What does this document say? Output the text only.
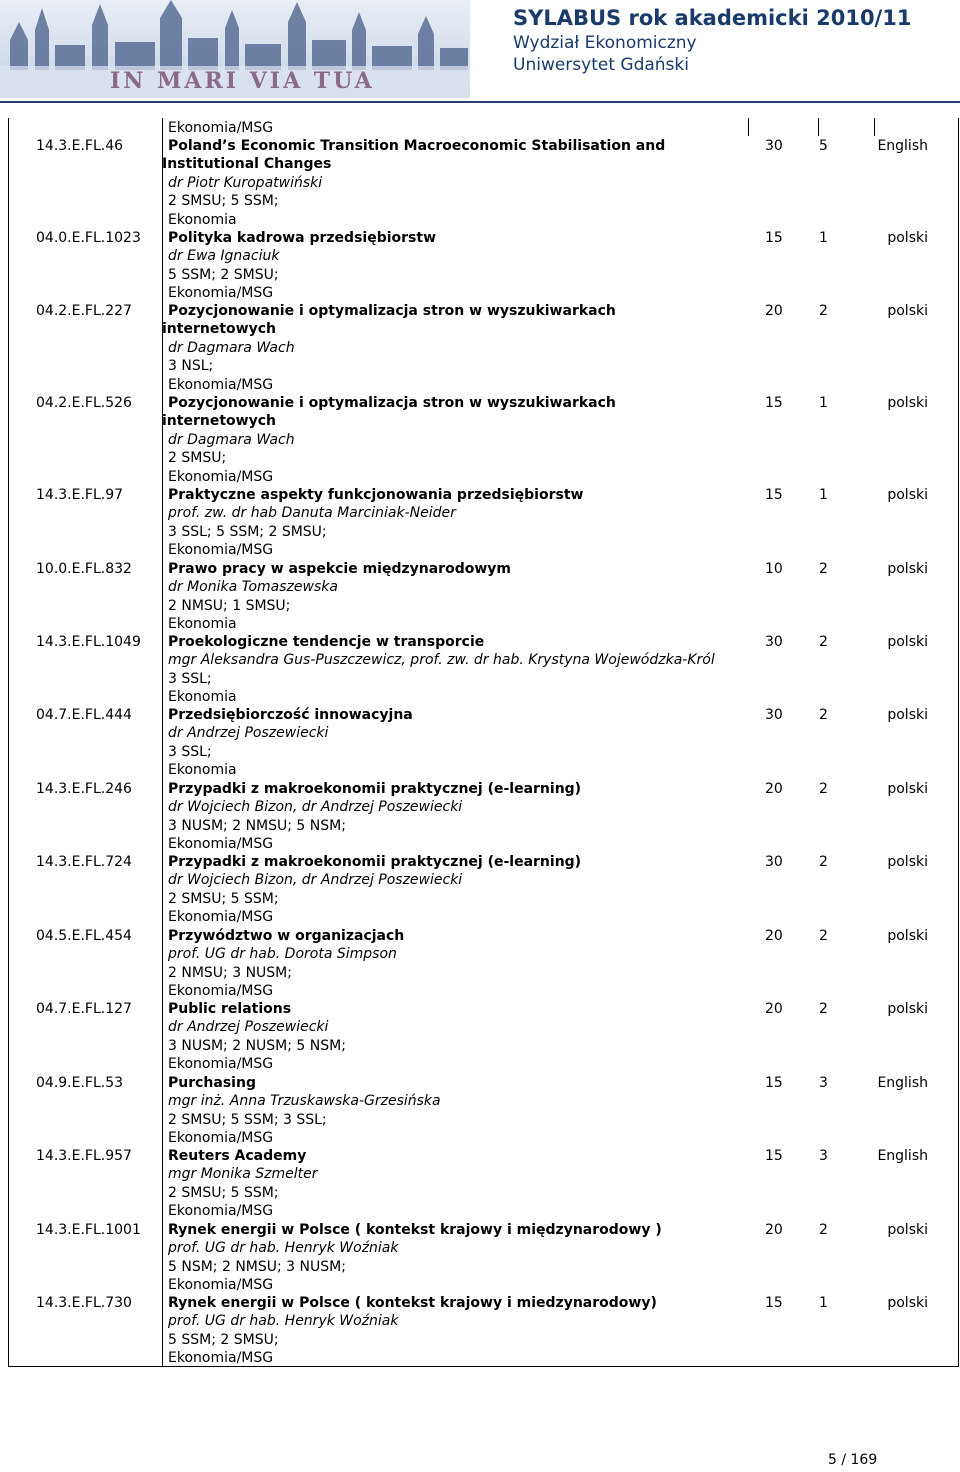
IN MARI VIA TUA
SYLABUS rok akademicki 2010/11
Wydział Ekonomiczny
Uniwersytet Gdański
Ekonomia/MSG
14.3.E.FL.46	Poland’s Economic Transition Macroeconomic Stabilisation and
Institutional Changes
dr Piotr Kuropatwiński
2 SMSU; 5 SSM;
Ekonomia
30	5	English
04.0.E.FL.1023 Polityka kadrowa przedsiębiorstw
dr Ewa Ignaciuk
5 SSM; 2 SMSU;
Ekonomia/MSG
15	1	polski
04.2.E.FL.227	Pozycjonowanie i optymalizacja stron w wyszukiwarkach
internetowych
dr Dagmara Wach
3 NSL;
Ekonomia/MSG
20	2	polski
04.2.E.FL.526	Pozycjonowanie i optymalizacja stron w wyszukiwarkach
internetowych
dr Dagmara Wach
2 SMSU;
Ekonomia/MSG
15	1	polski
14.3.E.FL.97	Praktyczne aspekty funkcjonowania przedsiębiorstw
prof. zw. dr hab Danuta Marciniak-Neider
3 SSL; 5 SSM; 2 SMSU;
Ekonomia/MSG
15	1	polski
10.0.E.FL.832	Prawo pracy w aspekcie międzynarodowym
dr Monika Tomaszewska
2 NMSU; 1 SMSU;
Ekonomia
10	2	polski
14.3.E.FL.1049 Proekologiczne tendencje w transporcie
mgr Aleksandra Gus-Puszczewicz, prof. zw. dr hab. Krystyna Wojewódzka-Król
3 SSL;
Ekonomia
30	2	polski
04.7.E.FL.444	Przedsiębiorczość innowacyjna
dr Andrzej Poszewiecki
3 SSL;
Ekonomia
30	2	polski
14.3.E.FL.246	Przypadki z makroekonomii praktycznej (e-learning)
dr Wojciech Bizon, dr Andrzej Poszewiecki
3 NUSM; 2 NMSU; 5 NSM;
Ekonomia/MSG
20	2	polski
14.3.E.FL.724	Przypadki z makroekonomii praktycznej (e-learning)
dr Wojciech Bizon, dr Andrzej Poszewiecki
2 SMSU; 5 SSM;
Ekonomia/MSG
30	2	polski
04.5.E.FL.454	Przywództwo w organizacjach
prof. UG dr hab. Dorota Simpson
2 NMSU; 3 NUSM;
Ekonomia/MSG
20	2	polski
04.7.E.FL.127	Public relations
dr Andrzej Poszewiecki
3 NUSM; 2 NUSM; 5 NSM;
Ekonomia/MSG
20	2	polski
04.9.E.FL.53	Purchasing
mgr inż. Anna Trzuskawska-Grzesińska
2 SMSU; 5 SSM; 3 SSL;
Ekonomia/MSG
15	3	English
14.3.E.FL.957	Reuters Academy
mgr Monika Szmelter
2 SMSU; 5 SSM;
Ekonomia/MSG
15	3	English
14.3.E.FL.1001 Rynek energii w Polsce ( kontekst krajowy i międzynarodowy )
prof. UG dr hab. Henryk Woźniak
5 NSM; 2 NMSU; 3 NUSM;
Ekonomia/MSG
20	2	polski
14.3.E.FL.730	Rynek energii w Polsce ( kontekst krajowy i miedzynarodowy)
prof. UG dr hab. Henryk Woźniak
5 SSM; 2 SMSU;
Ekonomia/MSG
15	1	polski
5 / 169
